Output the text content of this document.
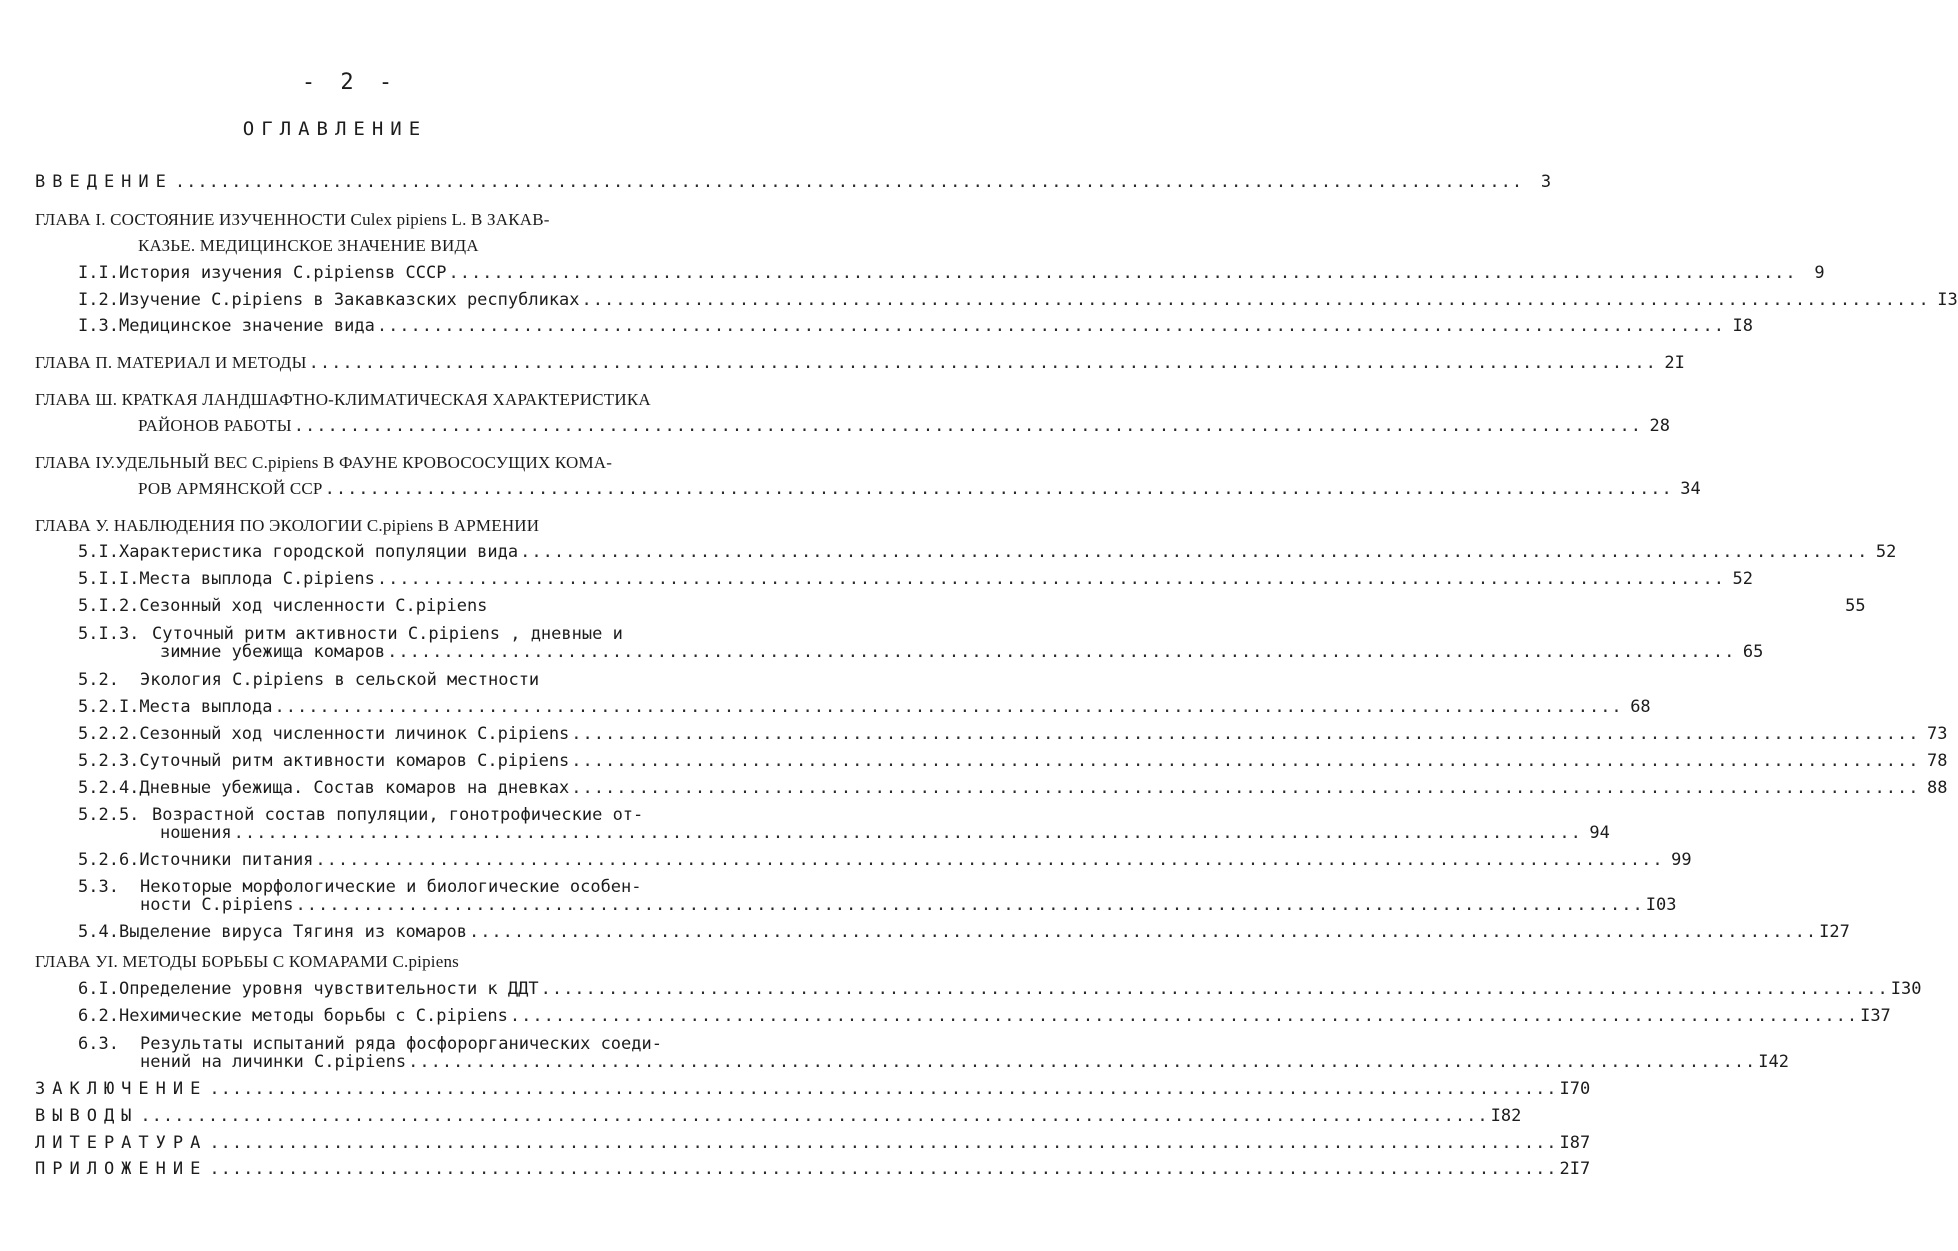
- 2 -
ОГЛАВЛЕНИЕ
ВВЕДЕНИЕ ........................................................................................................................	3
ГЛАВА I. СОСТОЯНИЕ ИЗУЧЕННОСТИ Culex pipiens L. В ЗАКАВ-
КАЗЬЕ. МЕДИЦИНСКОЕ ЗНАЧЕНИЕ ВИДА
I.I. История изучения C.pipiensв СССР ........................................................................................................................	9
I.2. Изучение C.pipiens в Закавказских республиках ........................................................................................................................ I3
I.3. Медицинское значение вида ........................................................................................................................ I8
ГЛАВА П. МАТЕРИАЛ И МЕТОДЫ ........................................................................................................................ 2I
ГЛАВА Ш. КРАТКАЯ ЛАНДШАФТНО-КЛИМАТИЧЕСКАЯ ХАРАКТЕРИСТИКА
РАЙОНОВ РАБОТЫ ........................................................................................................................ 28
ГЛАВА IУ.УДЕЛЬНЫЙ ВЕС C.pipiens В ФАУНЕ КРОВОСОСУЩИХ КОМА-
РОВ АРМЯНСКОЙ ССР ........................................................................................................................ 34
ГЛАВА У. НАБЛЮДЕНИЯ ПО ЭКОЛОГИИ C.pipiens В АРМЕНИИ
5.I. Характеристика городской популяции вида ........................................................................................................................ 52
5.I.I. Места выплода C.pipiens ........................................................................................................................ 52
5.I.2. Сезонный ход численности C.pipiens	55
5.I.3. Суточный ритм активности C.pipiens , дневные и
зимние убежища комаров ........................................................................................................................ 65
5.2. Экология C.pipiens в сельской местности
5.2.I. Места выплода ........................................................................................................................ 68
5.2.2. Сезонный ход численности личинок C.pipiens ........................................................................................................................ 73
5.2.3. Суточный ритм активности комаров C.pipiens ........................................................................................................................ 78
5.2.4. Дневные убежища. Состав комаров на дневках ........................................................................................................................ 88
5.2.5. Возрастной состав популяции, гонотрофические от-
ношения ........................................................................................................................ 94
5.2.6. Источники питания ........................................................................................................................ 99
5.3. Некоторые морфологические и биологические особен-
ности C.pipiens ........................................................................................................................ I03
5.4. Выделение вируса Тягиня из комаров ........................................................................................................................ I27
ГЛАВА УI. МЕТОДЫ БОРЬБЫ С КОМАРАМИ C.pipiens
6.I. Определение уровня чувствительности к ДДТ ........................................................................................................................ I30
6.2. Нехимические методы борьбы с C.pipiens ........................................................................................................................ I37
6.3. Результаты испытаний ряда фосфорорганических соеди-
нений на личинки C.pipiens ........................................................................................................................ I42
ЗАКЛЮЧЕНИЕ ........................................................................................................................ I70
ВЫВОДЫ ........................................................................................................................ I82
ЛИТЕРАТУРА ........................................................................................................................ I87
ПРИЛОЖЕНИЕ ........................................................................................................................ 2I7
